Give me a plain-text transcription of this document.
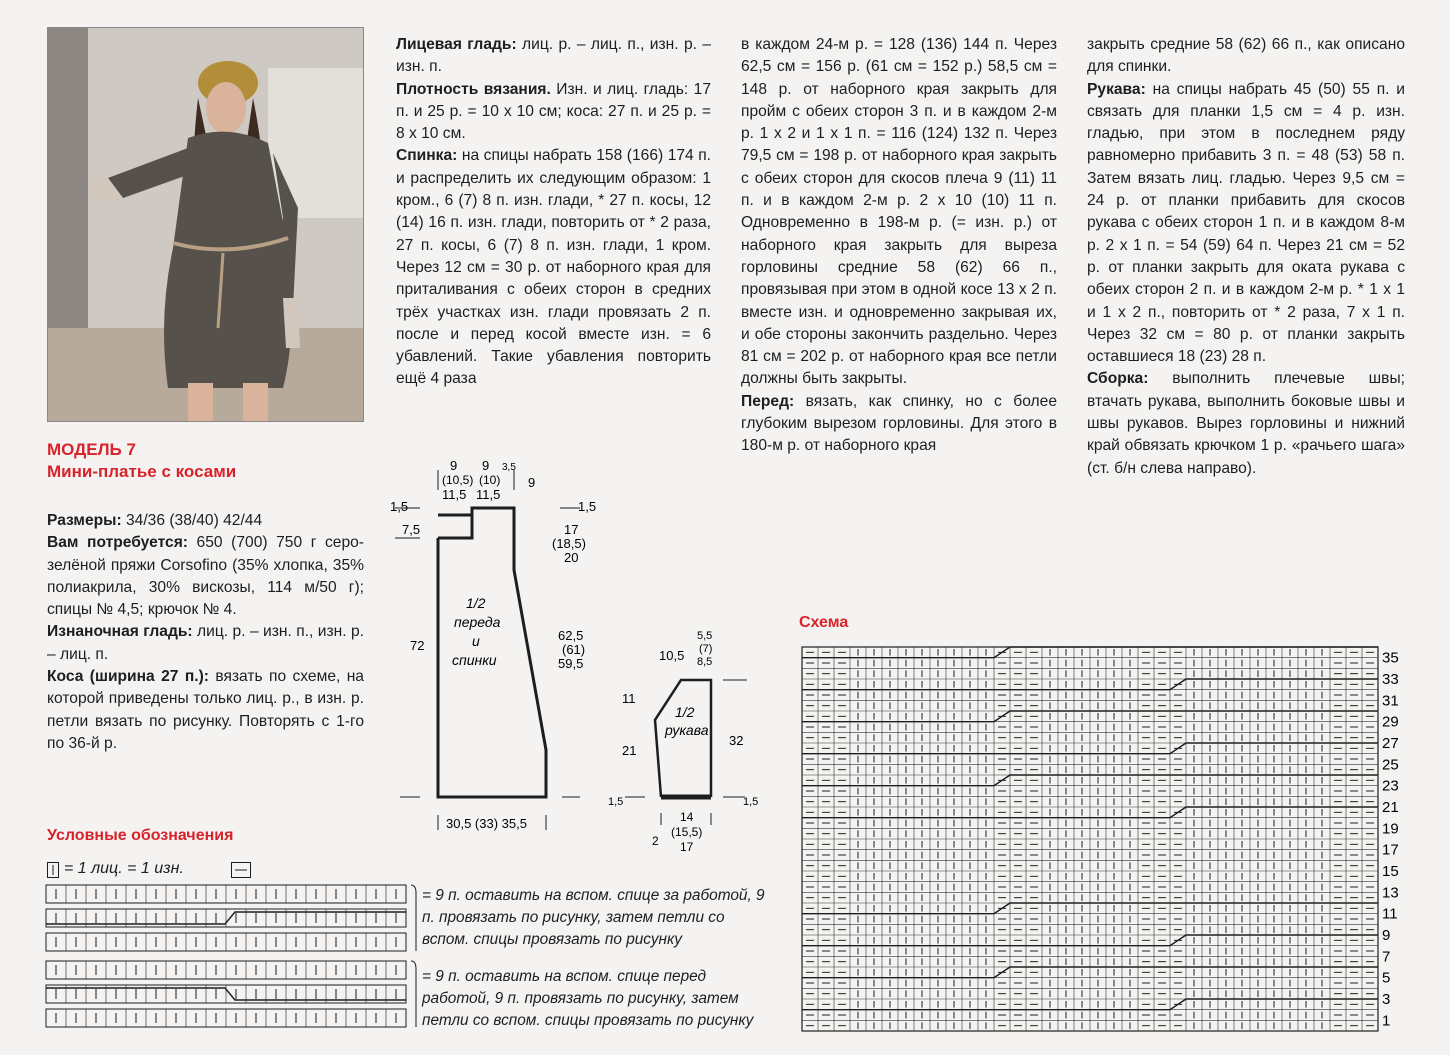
МОДЕЛЬ 7
Мини-платье с косами

Размеры: 34/36 (38/40) 42/44

Вам потребуется: 650 (700) 750 г серо-зелёной пряжи Corsofino (35% хлопка, 35% полиакрила, 30% вискозы, 114 м/50 г); спицы № 4,5; крючок № 4.

Изнаночная гладь: лиц. р. – изн. п., изн. р. – лиц. п.

Коса (ширина 27 п.): вязать по схеме, на которой приведены только лиц. р., в изн. р. петли вязать по рисунку. Повторять с 1-го по 36-й р.

Лицевая гладь: лиц. р. – лиц. п., изн. р. – изн. п.

Плотность вязания. Изн. и лиц. гладь: 17 п. и 25 р. = 10 х 10 см; коса: 27 п. и 25 р. = 8 х 10 см.

Спинка: на спицы набрать 158 (166) 174 п. и распределить их следующим образом: 1 кром., 6 (7) 8 п. изн. глади, * 27 п. косы, 12 (14) 16 п. изн. глади, повторить от * 2 раза, 27 п. косы, 6 (7) 8 п. изн. глади, 1 кром. Через 12 см = 30 р. от наборного края для приталивания с обеих сторон в средних трёх участках изн. глади провязать 2 п. после и перед косой вместе изн. = 6 убавлений. Такие убавления повторить ещё 4 раза

в каждом 24-м р. = 128 (136) 144 п. Через 62,5 см = 156 р. (61 см = 152 р.) 58,5 см = 148 р. от наборного края закрыть для пройм с обеих сторон 3 п. и в каждом 2-м р. 1 х 2 и 1 х 1 п. = 116 (124) 132 п. Через 79,5 см = 198 р. от наборного края закрыть с обеих сторон для скосов плеча 9 (11) 11 п. и в каждом 2-м р. 2 х 10 (10) 11 п. Одновременно в 198-м р. (= изн. р.) от наборного края закрыть для выреза горловины средние 58 (62) 66 п., провязывая при этом в одной косе 13 х 2 п. вместе изн. и одновременно закрывая их, и обе стороны закончить раздельно. Через 81 см = 202 р. от наборного края все петли должны быть закрыты.

Перед: вязать, как спинку, но с более глубоким вырезом горловины. Для этого в 180-м р. от наборного края

закрыть средние 58 (62) 66 п., как описано для спинки.

Рукава: на спицы набрать 45 (50) 55 п. и связать для планки 1,5 см = 4 р. изн. гладью, при этом в последнем ряду равномерно прибавить 3 п. = 48 (53) 58 п. Затем вязать лиц. гладью. Через 9,5 см = 24 р. от планки прибавить для скосов рукава с обеих сторон 1 п. и в каждом 8-м р. 2 х 1 п. = 54 (59) 64 п. Через 21 см = 52 р. от планки закрыть для оката рукава с обеих сторон 2 п. и в каждом 2-м р. * 1 х 1 и 1 х 2 п., повторить от * 2 раза, 7 х 1 п. Через 32 см = 80 р. от планки закрыть оставшиеся 18 (23) 28 п.

Сборка: выполнить плечевые швы; втачать рукава, выполнить боковые швы и швы рукавов. Вырез горловины и нижний край обвязать крючком 1 р. «рачьего шага» (ст. б/н слева направо).

9
(10,5)
11,5
9
(10)
11,5
3,5
9
1,5
7,5
72
1,5
17
(18,5)
20
62,5
(61)
59,5
1/2
переда
и
спинки
30,5 (33) 35,5
5,5
(7)
8,5
10,5
11
21
1,5
32
1,5
1/2
рукава
14
(15,5)
17
2
Условные обозначения
= 1 лиц. = 1 изн.
= 9 п. оставить на вспом. спице за работой, 9 п. провязать по рисунку, затем петли со вспом. спицы провязать по рисунку
= 9 п. оставить на вспом. спице перед работой, 9 п. провязать по рисунку, затем петли со вспом. спицы провязать по рисунку
Схема
35
33
31
29
27
25
23
21
19
17
15
13
11
9
7
5
3
1
